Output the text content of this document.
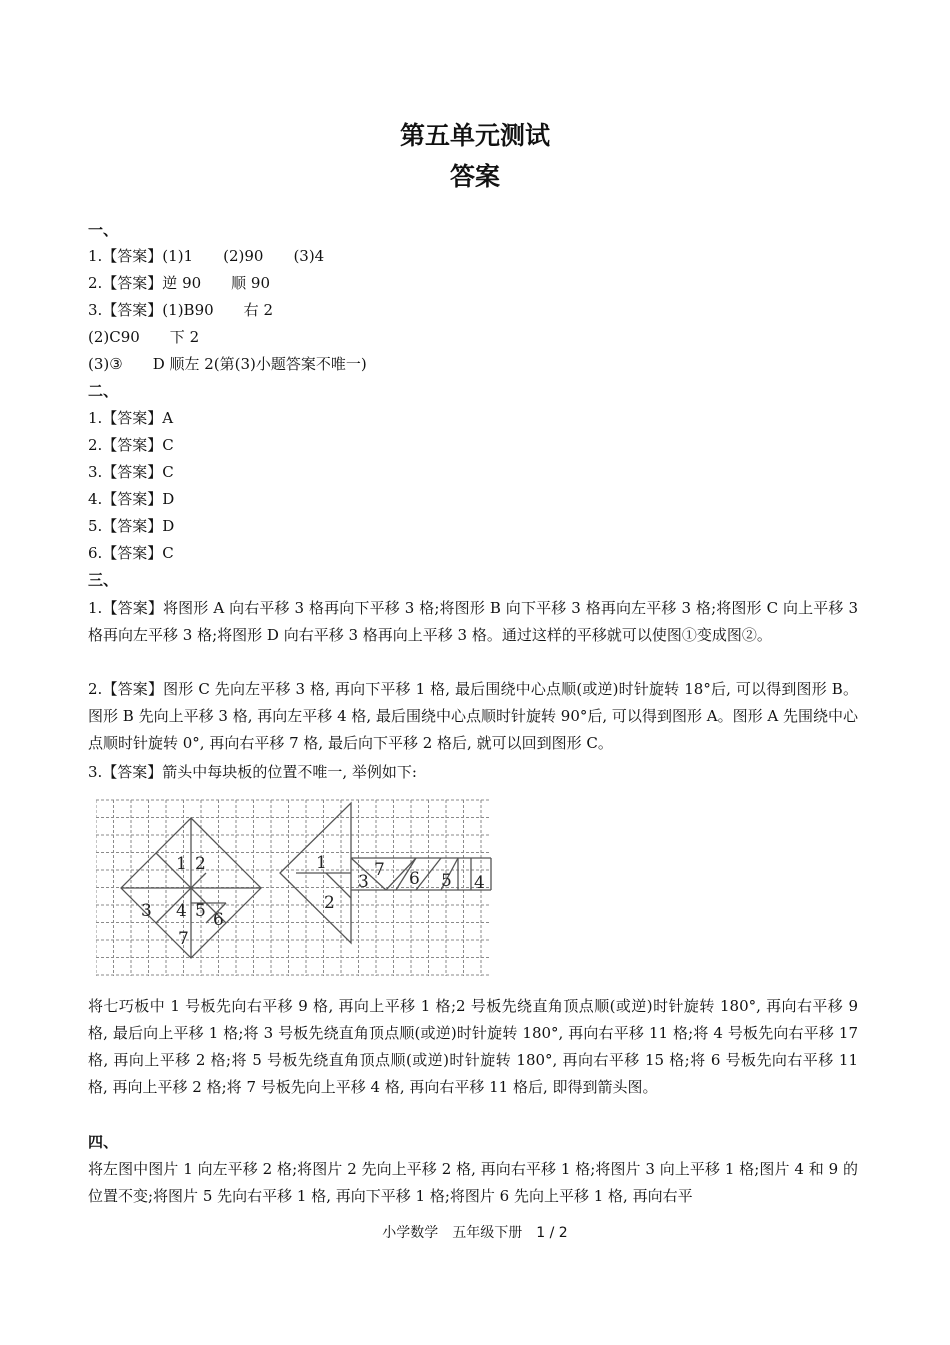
第五单元测试
答案
一、
1.【答案】(1)1　　(2)90　　(3)4
2.【答案】逆 90　　顺 90
3.【答案】(1)B90　　右 2
(2)C90　　下 2
(3)③　　D 顺左 2(第(3)小题答案不唯一)
二、
1.【答案】A
2.【答案】C
3.【答案】C
4.【答案】D
5.【答案】D
6.【答案】C
三、
1.【答案】将图形 A 向右平移 3 格再向下平移 3 格;将图形 B 向下平移 3 格再向左平移 3 格;将图形 C 向上平移 3 格再向左平移 3 格;将图形 D 向右平移 3 格再向上平移 3 格。通过这样的平移就可以使图①变成图②。
2.【答案】图形 C 先向左平移 3 格, 再向下平移 1 格, 最后围绕中心点顺(或逆)时针旋转 18°后, 可以得到图形 B。图形 B 先向上平移 3 格, 再向左平移 4 格, 最后围绕中心点顺时针旋转 90°后, 可以得到图形 A。图形 A 先围绕中心点顺时针旋转 0°, 再向右平移 7 格, 最后向下平移 2 格后, 就可以回到图形 C。
3.【答案】箭头中每块板的位置不唯一, 举例如下:
1 2
3 4 5 6
7
1
2
3
7 6 5 4
将七巧板中 1 号板先向右平移 9 格, 再向上平移 1 格;2 号板先绕直角顶点顺(或逆)时针旋转 180°, 再向右平移 9 格, 最后向上平移 1 格;将 3 号板先绕直角顶点顺(或逆)时针旋转 180°, 再向右平移 11 格;将 4 号板先向右平移 17 格, 再向上平移 2 格;将 5 号板先绕直角顶点顺(或逆)时针旋转 180°, 再向右平移 15 格;将 6 号板先向右平移 11 格, 再向上平移 2 格;将 7 号板先向上平移 4 格, 再向右平移 11 格后, 即得到箭头图。
四、
将左图中图片 1 向左平移 2 格;将图片 2 先向上平移 2 格, 再向右平移 1 格;将图片 3 向上平移 1 格;图片 4 和 9 的位置不变;将图片 5 先向右平移 1 格, 再向下平移 1 格;将图片 6 先向上平移 1 格, 再向右平
小学数学　五年级下册　1 / 2
